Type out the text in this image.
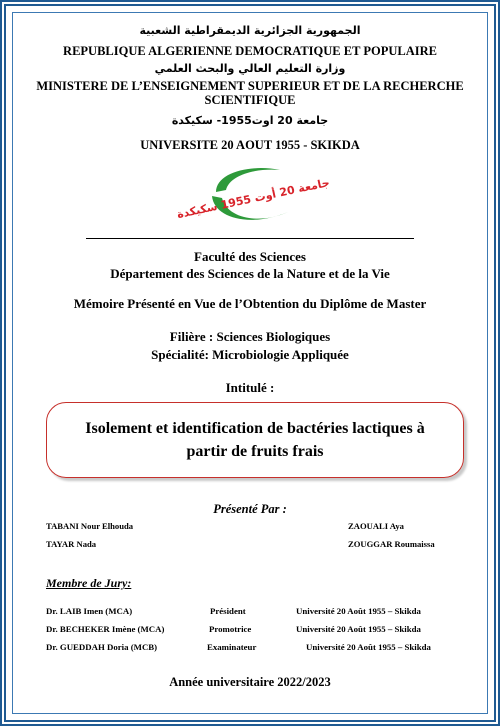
الجمهورية الجزائرية الديمقراطية الشعبية
REPUBLIQUE ALGERIENNE DEMOCRATIQUE ET POPULAIRE
وزارة التعليم العالي والبحث العلمي
MINISTERE DE L’ENSEIGNEMENT SUPERIEUR ET DE LA RECHERCHE
SCIENTIFIQUE
جامعة 20 اوت1955- سكيكدة
UNIVERSITE 20 AOUT 1955 - SKIKDA
جامعة 20 أوت 1955 سكيكدة
Faculté des Sciences
Département des Sciences de la Nature et de la Vie
Mémoire Présenté en Vue de l’Obtention du Diplôme de Master
Filière : Sciences Biologiques
Spécialité: Microbiologie Appliquée
Intitulé :
Isolement et identification de bactéries lactiques à
partir de fruits frais
Présenté Par :
TABANI Nour Elhouda	ZAOUALI Aya
TAYAR Nada	ZOUGGAR Roumaissa
Membre de Jury:
Dr. LAIB Imen (MCA)	Président	Université 20 Août 1955 – Skikda
Dr. BECHEKER Imène (MCA)	Promotrice	Université 20 Août 1955 – Skikda
Dr. GUEDDAH Doria (MCB)	Examinateur	Université 20 Août 1955 – Skikda
Année universitaire 2022/2023
